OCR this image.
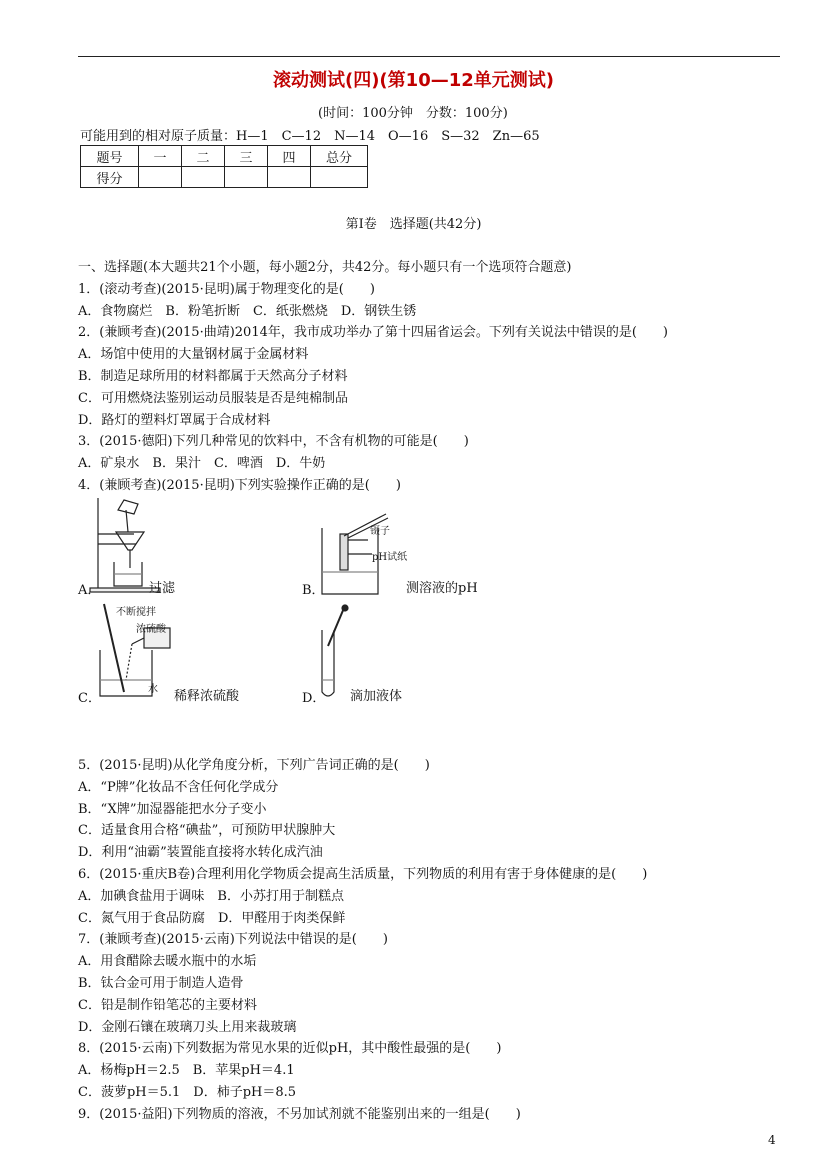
滚动测试(四)(第10—12单元测试)
(时间：100分钟　分数：100分)
可能用到的相对原子质量：H—1　C—12　N—14　O—16　S—32　Zn—65
题号	一	二	三	四	总分
得分					
第Ⅰ卷　选择题(共42分)
一、选择题(本大题共21个小题，每小题2分，共42分。每小题只有一个选项符合题意)
1．(滚动考查)(2015·昆明)属于物理变化的是(　　)
A．食物腐烂　B．粉笔折断　C．纸张燃烧　D．钢铁生锈
2．(兼顾考查)(2015·曲靖)2014年，我市成功举办了第十四届省运会。下列有关说法中错误的是(　　)
A．场馆中使用的大量钢材属于金属材料
B．制造足球所用的材料都属于天然高分子材料
C．可用燃烧法鉴别运动员服装是否是纯棉制品
D．路灯的塑料灯罩属于合成材料
3．(2015·德阳)下列几种常见的饮料中，不含有机物的可能是(　　)
A．矿泉水　B．果汁　C．啤酒　D．牛奶
4．(兼顾考查)(2015·昆明)下列实验操作正确的是(　　)
A．	过滤
镊子
pH试纸
B．	测溶液的pH
不断搅拌
浓硫酸
水
C．	稀释浓硫酸	D． 滴加液体
5．(2015·昆明)从化学角度分析，下列广告词正确的是(　　)
A．“P牌”化妆品不含任何化学成分
B．“X牌”加湿器能把水分子变小
C．适量食用合格“碘盐”，可预防甲状腺肿大
D．利用“油霸”装置能直接将水转化成汽油
6．(2015·重庆B卷)合理利用化学物质会提高生活质量，下列物质的利用有害于身体健康的是(　　)
A．加碘食盐用于调味　B．小苏打用于制糕点
C．氮气用于食品防腐　D．甲醛用于肉类保鲜
7．(兼顾考查)(2015·云南)下列说法中错误的是(　　)
A．用食醋除去暖水瓶中的水垢
B．钛合金可用于制造人造骨
C．铅是制作铅笔芯的主要材料
D．金刚石镶在玻璃刀头上用来裁玻璃
8．(2015·云南)下列数据为常见水果的近似pH，其中酸性最强的是(　　)
A．杨梅pH＝2.5　B．苹果pH＝4.1
C．菠萝pH＝5.1　D．柿子pH＝8.5
9．(2015·益阳)下列物质的溶液，不另加试剂就不能鉴别出来的一组是(　　)
4
